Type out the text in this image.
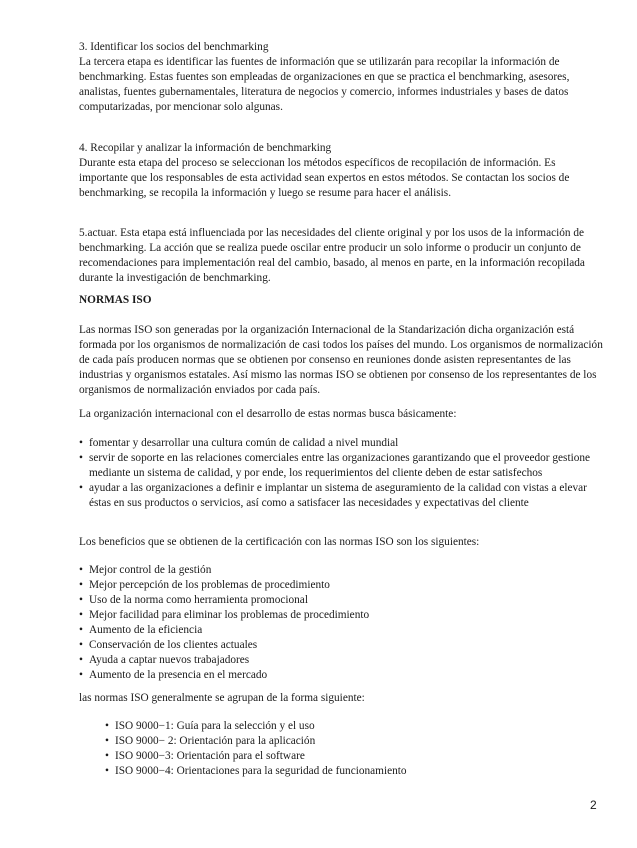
3. Identificar los socios del benchmarking

La tercera etapa es identificar las fuentes de información que se utilizarán para recopilar la información de benchmarking. Estas fuentes son empleadas de organizaciones en que se practica el benchmarking, asesores, analistas, fuentes gubernamentales, literatura de negocios y comercio, informes industriales y bases de datos computarizadas, por mencionar solo algunas.

4. Recopilar y analizar la información de benchmarking

Durante esta etapa del proceso se seleccionan los métodos específicos de recopilación de información. Es importante que los responsables de esta actividad sean expertos en estos métodos. Se contactan los socios de benchmarking, se recopila la información y luego se resume para hacer el análisis.

5.actuar. Esta etapa está influenciada por las necesidades del cliente original y por los usos de la información de benchmarking. La acción que se realiza puede oscilar entre producir un solo informe o producir un conjunto de recomendaciones para implementación real del cambio, basado, al menos en parte, en la información recopilada durante la investigación de benchmarking.

NORMAS ISO

Las normas ISO son generadas por la organización Internacional de la Standarización dicha organización está formada por los organismos de normalización de casi todos los países del mundo. Los organismos de normalización de cada país producen normas que se obtienen por consenso en reuniones donde asisten representantes de las industrias y organismos estatales. Así mismo las normas ISO se obtienen por consenso de los representantes de los organismos de normalización enviados por cada país.

La organización internacional con el desarrollo de estas normas busca básicamente:
• fomentar y desarrollar una cultura común de calidad a nivel mundial
• servir de soporte en las relaciones comerciales entre las organizaciones garantizando que el proveedor gestione mediante un sistema de calidad, y por ende, los requerimientos del cliente deben de estar satisfechos
• ayudar a las organizaciones a definir e implantar un sistema de aseguramiento de la calidad con vistas a elevar éstas en sus productos o servicios, así como a satisfacer las necesidades y expectativas del cliente
Los beneficios que se obtienen de la certificación con las normas ISO son los siguientes:
• Mejor control de la gestión
• Mejor percepción de los problemas de procedimiento
• Uso de la norma como herramienta promocional
• Mejor facilidad para eliminar los problemas de procedimiento
• Aumento de la eficiencia
• Conservación de los clientes actuales
• Ayuda a captar nuevos trabajadores
• Aumento de la presencia en el mercado
las normas ISO generalmente se agrupan de la forma siguiente:
• ISO 9000−1: Guía para la selección y el uso
• ISO 9000− 2: Orientación para la aplicación
• ISO 9000−3: Orientación para el software
• ISO 9000−4: Orientaciones para la seguridad de funcionamiento
2
